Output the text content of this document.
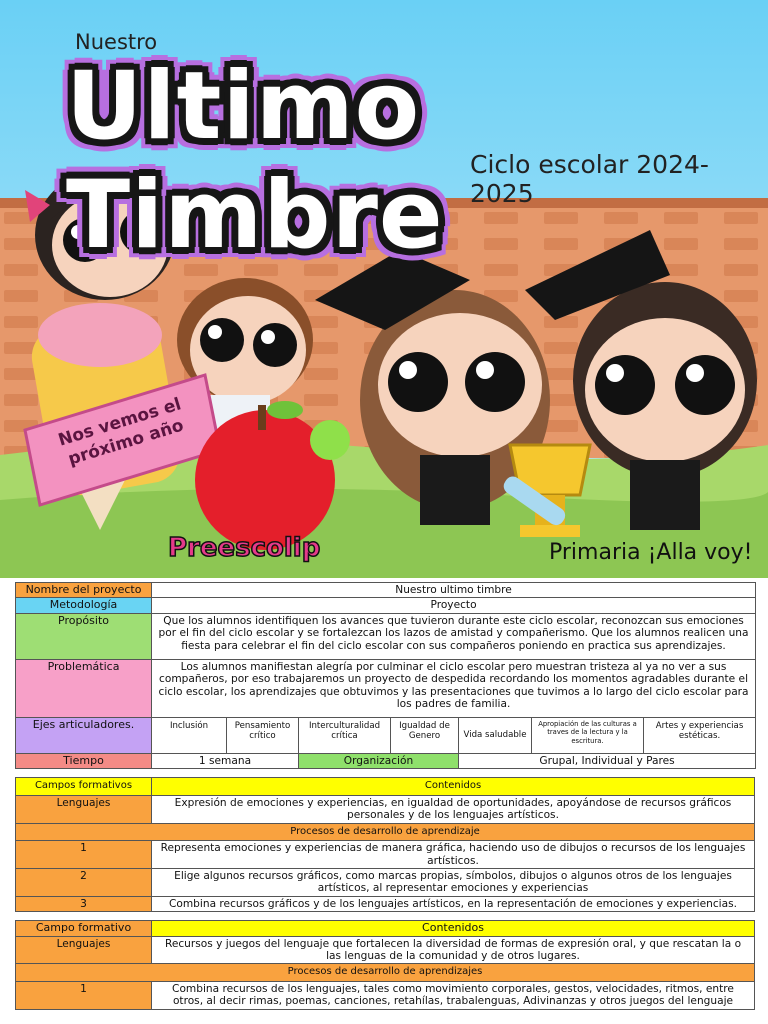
Preescolip
Nuestro
Ultimo Timbre	Ciclo escolar 2024-2025
Nos vemos el próximo año
Primaria ¡Alla voy!
Nombre del proyecto	Nuestro ultimo timbre						
Metodología	Proyecto						
Propósito	Que los alumnos identifiquen los avances que tuvieron durante este ciclo escolar, reconozcan sus emociones por el fin del ciclo escolar y se fortalezcan los lazos de amistad y compañerismo. Que los alumnos realicen una fiesta para celebrar el fin del ciclo escolar con sus compañeros poniendo en practica sus aprendizajes.						
Problemática	Los alumnos manifiestan alegría por culminar el ciclo escolar pero muestran tristeza al ya no ver a sus compañeros, por eso trabajaremos un proyecto de despedida recordando los momentos agradables durante el ciclo escolar, los aprendizajes que obtuvimos y las presentaciones que tuvimos a lo largo del ciclo escolar para los padres de familia.						
Ejes articuladores.	Inclusión	Pensamiento crítico	Interculturalidad crítica	Igualdad de Genero	Vida saludable	Apropiación de las culturas a traves de la lectura y la escritura.	Artes y experiencias estéticas.
Tiempo	1 semana		Organización		Grupal, Individual y Pares		
Campos formativos	Contenidos
Lenguajes	Expresión de emociones y experiencias, en igualdad de oportunidades, apoyándose de recursos gráficos personales y de los lenguajes artísticos.
Procesos de desarrollo de aprendizaje	
1	Representa emociones y experiencias de manera gráfica, haciendo uso de dibujos o recursos de los lenguajes artísticos.
2	Elige algunos recursos gráficos, como marcas propias, símbolos, dibujos o algunos otros de los lenguajes artísticos, al representar emociones y experiencias
3	Combina recursos gráficos y de los lenguajes artísticos, en la representación de emociones y experiencias.
Campo formativo	Contenidos
Lenguajes	Recursos y juegos del lenguaje que fortalecen la diversidad de formas de expresión oral, y que rescatan la o las lenguas de la comunidad y de otros lugares.
Procesos de desarrollo de aprendizajes	
1	Combina recursos de los lenguajes, tales como movimiento corporales, gestos, velocidades, ritmos, entre otros, al decir rimas, poemas, canciones, retahílas, trabalenguas, Adivinanzas y otros juegos del lenguaje
